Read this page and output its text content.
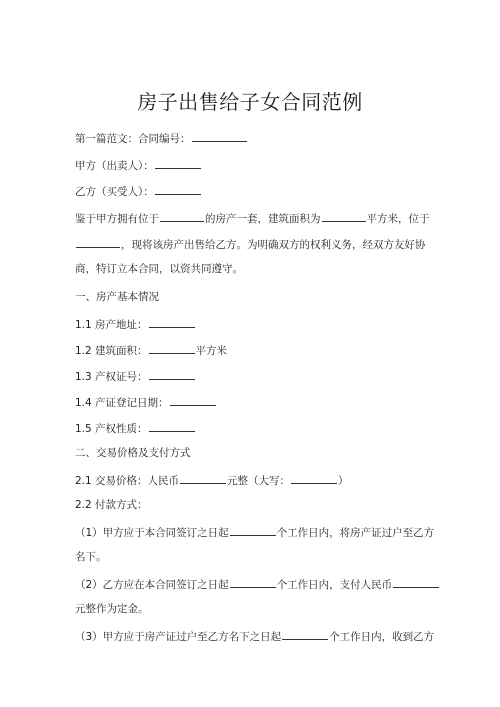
房子出售给子女合同范例
第一篇范文：合同编号：
甲方（出卖人）：
乙方（买受人）：
鉴于甲方拥有位于	的房产一套，建筑面积为	平方米，位于
，现将该房产出售给乙方。为明确双方的权利义务，经双方友好协
商，特订立本合同，以资共同遵守。
一、房产基本情况
1.1 房产地址：
1.2 建筑面积：	平方米
1.3 产权证号：
1.4 产证登记日期：
1.5 产权性质：
二、交易价格及支付方式
2.1 交易价格：人民币	元整（大写：	）
2.2 付款方式：
（1）甲方应于本合同签订之日起	个工作日内，将房产证过户至乙方
名下。
（2）乙方应在本合同签订之日起	个工作日内，支付人民币
元整作为定金。
（3）甲方应于房产证过户至乙方名下之日起	个工作日内，收到乙方
